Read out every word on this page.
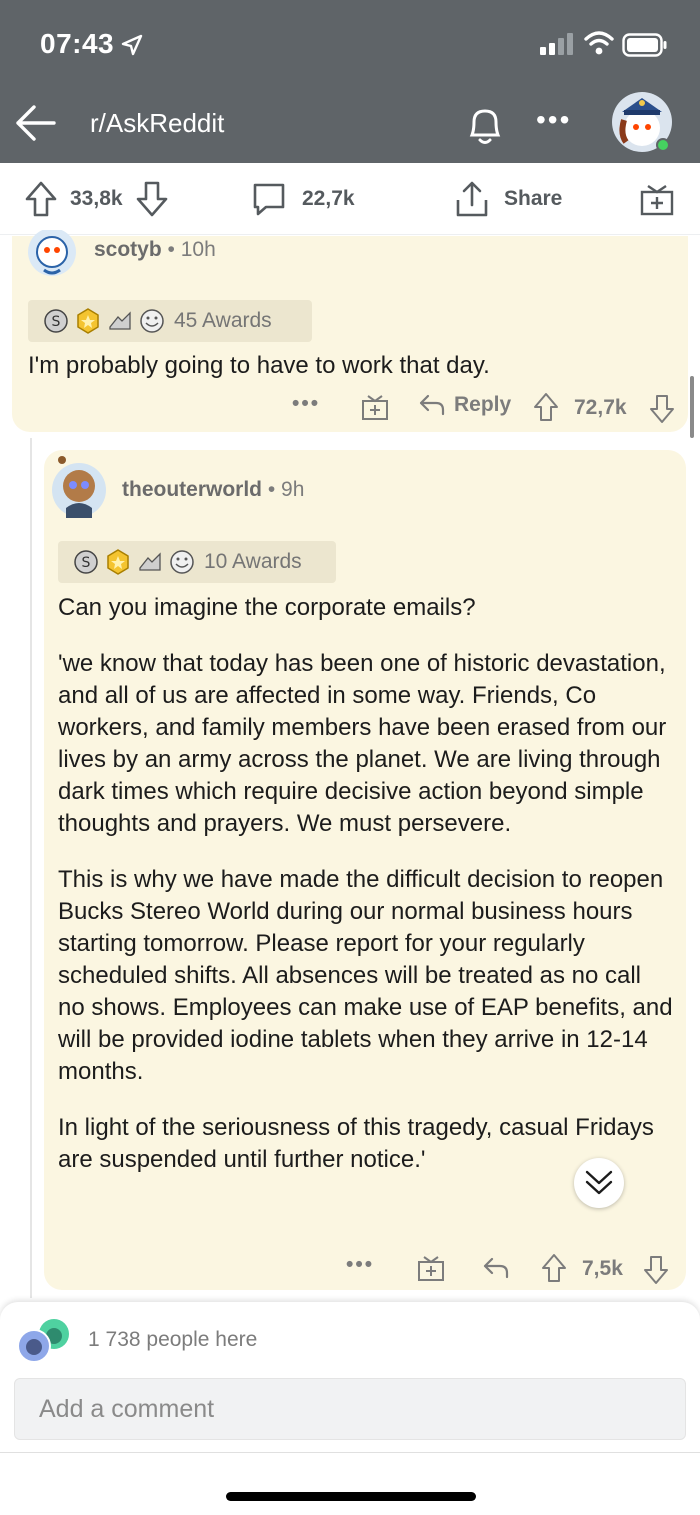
07:43
r/AskReddit	•••
33,8k	22,7k	Share
scotyb • 10h
S	45 Awards

I'm probably going to have to work that day.

•••	Reply	72,7k
theouterworld • 9h
S	10 Awards

Can you imagine the corporate emails?

'we know that today has been one of historic devastation, and all of us are affected in some way. Friends, Co workers, and family members have been erased from our lives by an army across the planet. We are living through dark times which require decisive action beyond simple thoughts and prayers. We must persevere.

This is why we have made the difficult decision to reopen Bucks Stereo World during our normal business hours starting tomorrow. Please report for your regularly scheduled shifts. All absences will be treated as no call no shows. Employees can make use of EAP benefits, and will be provided iodine tablets when they arrive in 12-14 months.

In light of the seriousness of this tragedy, casual Fridays are suspended until further notice.'

•••	7,5k
1 738 people here
Add a comment
